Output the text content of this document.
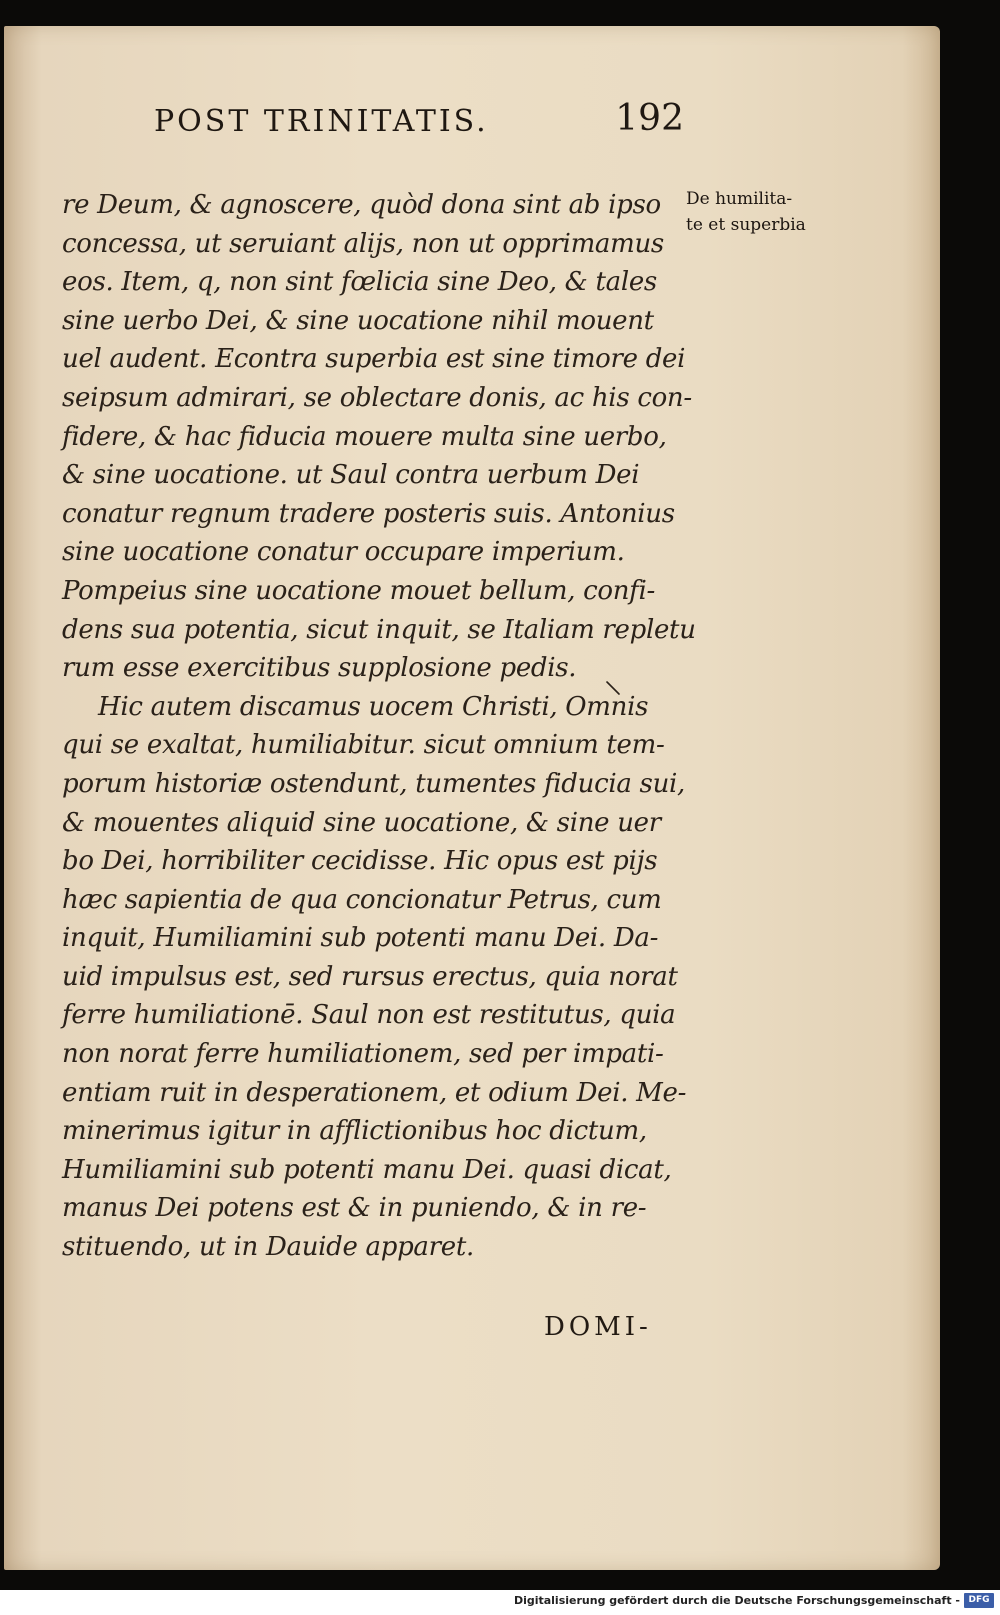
POST TRINITATIS.	192
De humilita-
te et superbia
re Deum, & agnoscere, quòd dona sint ab ipso
concessa, ut seruiant alijs, non ut opprimamus
eos. Item, q, non sint fœlicia sine Deo, & tales
sine uerbo Dei, & sine uocatione nihil mouent
uel audent. Econtra superbia est sine timore dei
seipsum admirari, se oblectare donis, ac his con-
fidere, & hac fiducia mouere multa sine uerbo,
& sine uocatione. ut Saul contra uerbum Dei
conatur regnum tradere posteris suis. Antonius
sine uocatione conatur occupare imperium.
Pompeius sine uocatione mouet bellum, confi-
dens sua potentia, sicut inquit, se Italiam repletu
rum esse exercitibus supplosione pedis.
Hic autem discamus uocem Christi, Omnis
qui se exaltat, humiliabitur. sicut omnium tem-
porum historiæ ostendunt, tumentes fiducia sui,
& mouentes aliquid sine uocatione, & sine uer
bo Dei, horribiliter cecidisse. Hic opus est pijs
hæc sapientia de qua concionatur Petrus, cum
inquit, Humiliamini sub potenti manu Dei. Da-
uid impulsus est, sed rursus erectus, quia norat
ferre humiliationē. Saul non est restitutus, quia
non norat ferre humiliationem, sed per impati-
entiam ruit in desperationem, et odium Dei. Me-
minerimus igitur in afflictionibus hoc dictum,
Humiliamini sub potenti manu Dei. quasi dicat,
manus Dei potens est & in puniendo, & in re-
stituendo, ut in Dauide apparet.
DOMI-
Digitalisierung gefördert durch die Deutsche Forschungsgemeinschaft - DFG
